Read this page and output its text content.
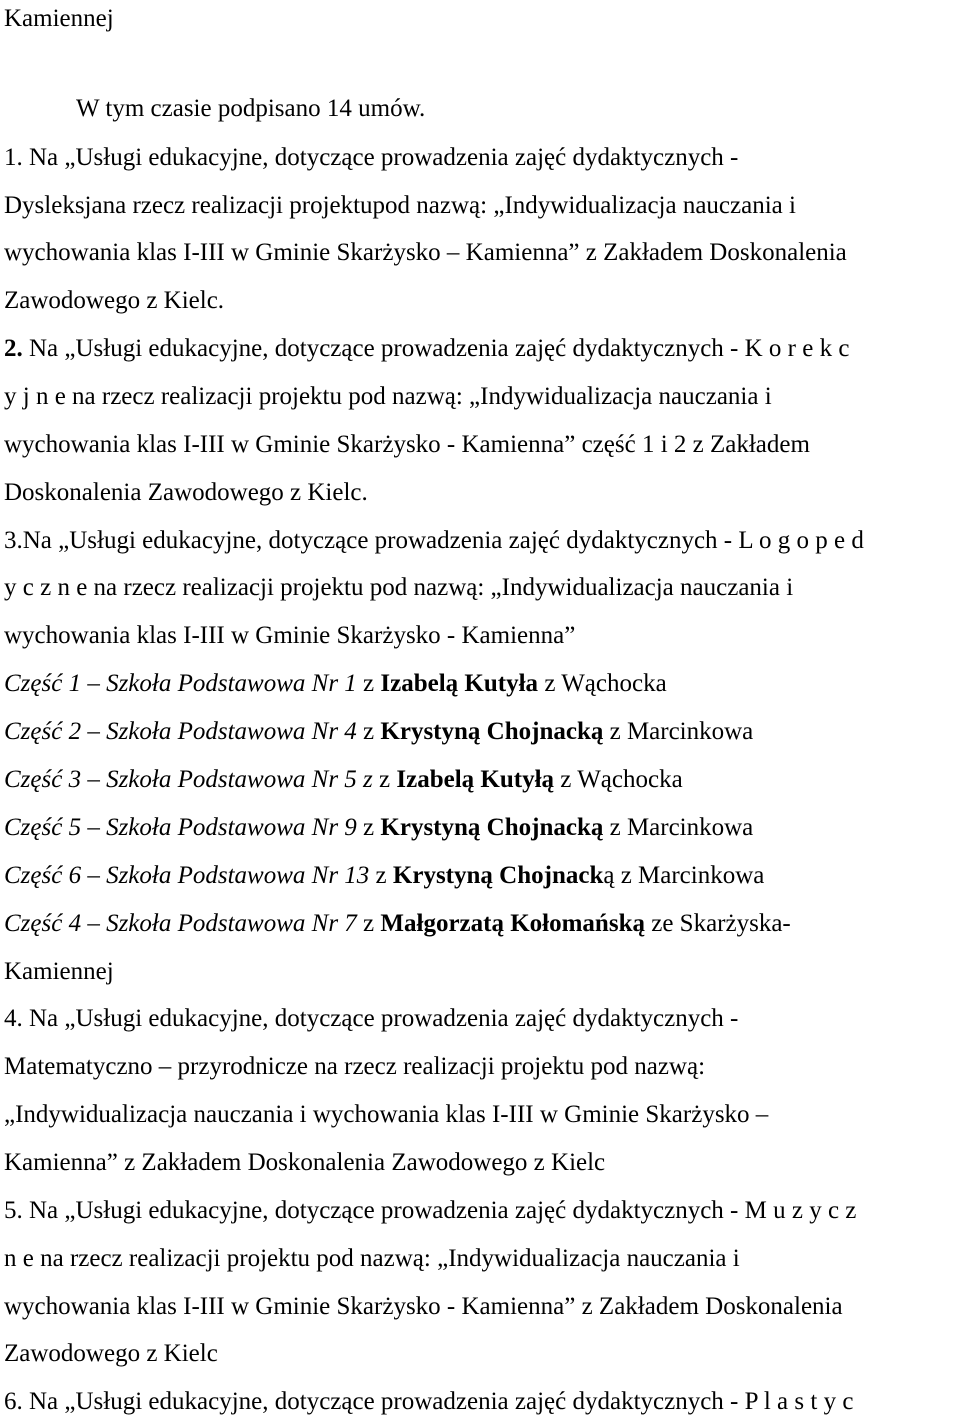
Kamiennej
W tym czasie podpisano 14 umów.
1. Na „Usługi edukacyjne, dotyczące prowadzenia zajęć dydaktycznych -
Dysleksjana rzecz realizacji projektupod nazwą: „Indywidualizacja nauczania i
wychowania klas I-III w Gminie Skarżysko – Kamienna” z Zakładem Doskonalenia
Zawodowego z Kielc.
2. Na „Usługi edukacyjne, dotyczące prowadzenia zajęć dydaktycznych - K o r e k c
y j n e na rzecz realizacji projektu pod nazwą: „Indywidualizacja nauczania i
wychowania klas I-III w Gminie Skarżysko - Kamienna” część 1 i 2 z Zakładem
Doskonalenia Zawodowego z Kielc.
3.Na „Usługi edukacyjne, dotyczące prowadzenia zajęć dydaktycznych - L o g o p e d
y c z n e na rzecz realizacji projektu pod nazwą: „Indywidualizacja nauczania i
wychowania klas I-III w Gminie Skarżysko - Kamienna”
Część 1 – Szkoła Podstawowa Nr 1 z Izabelą Kutyła z Wąchocka
Część 2 – Szkoła Podstawowa Nr 4 z Krystyną Chojnacką z Marcinkowa
Część 3 – Szkoła Podstawowa Nr 5 z z Izabelą Kutyłą z Wąchocka
Część 5 – Szkoła Podstawowa Nr 9 z Krystyną Chojnacką z Marcinkowa
Część 6 – Szkoła Podstawowa Nr 13 z Krystyną Chojnacką z Marcinkowa
Część 4 – Szkoła Podstawowa Nr 7 z Małgorzatą Kołomańską ze Skarżyska-
Kamiennej
4. Na „Usługi edukacyjne, dotyczące prowadzenia zajęć dydaktycznych -
Matematyczno – przyrodnicze na rzecz realizacji projektu pod nazwą:
„Indywidualizacja nauczania i wychowania klas I-III w Gminie Skarżysko –
Kamienna” z Zakładem Doskonalenia Zawodowego z Kielc
5. Na „Usługi edukacyjne, dotyczące prowadzenia zajęć dydaktycznych - M u z y c z
n e na rzecz realizacji projektu pod nazwą: „Indywidualizacja nauczania i
wychowania klas I-III w Gminie Skarżysko - Kamienna” z Zakładem Doskonalenia
Zawodowego z Kielc
6. Na „Usługi edukacyjne, dotyczące prowadzenia zajęć dydaktycznych - P l a s t y c
